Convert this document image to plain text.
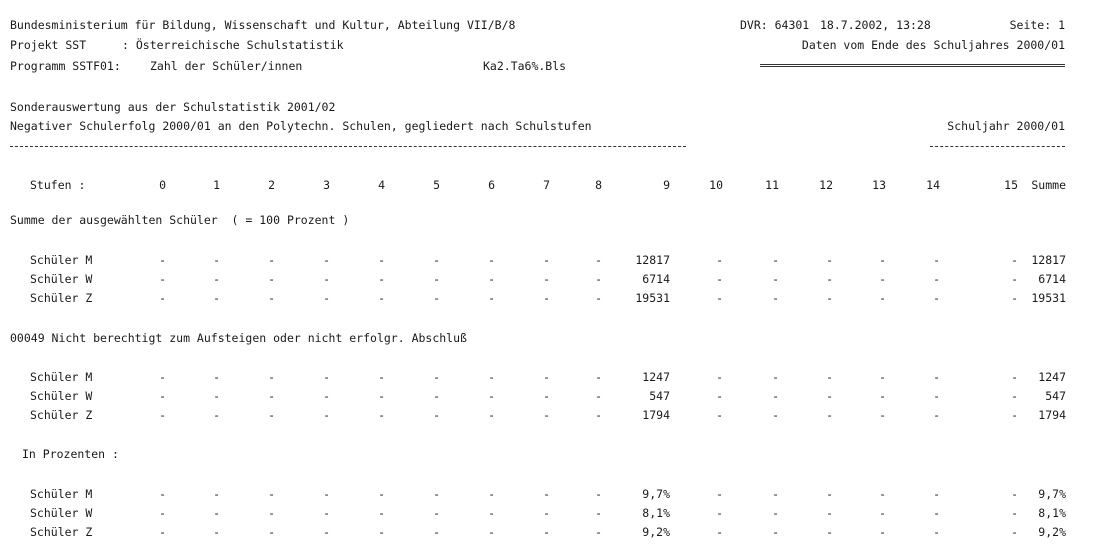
Bundesministerium für Bildung, Wissenschaft und Kultur, Abteilung VII/B/8	DVR: 64301 18.7.2002, 13:28	Seite: 1
Projekt SST	: Österreichische Schulstatistik	Daten vom Ende des Schuljahres 2000/01
Programm SSTF01:	Zahl der Schüler/innen	Ka2.Ta6%.Bls
Sonderauswertung aus der Schulstatistik 2001/02
Negativer Schulerfolg 2000/01 an den Polytechn. Schulen, gegliedert nach Schulstufen	Schuljahr 2000/01
Stufen :	0	1	2	3	4	5	6	7	8	9	10	11	12	13	14	15	Summe
Summe der ausgewählten Schüler  ( = 100 Prozent )
Schüler M	-	-	-	-	-	-	-	-	-	12817	-	-	-	-	-	-	12817
Schüler W	-	-	-	-	-	-	-	-	-	6714	-	-	-	-	-	-	6714
Schüler Z	-	-	-	-	-	-	-	-	-	19531	-	-	-	-	-	-	19531
00049 Nicht berechtigt zum Aufsteigen oder nicht erfolgr. Abschluß
Schüler M	-	-	-	-	-	-	-	-	-	1247	-	-	-	-	-	-	1247
Schüler W	-	-	-	-	-	-	-	-	-	547	-	-	-	-	-	-	547
Schüler Z	-	-	-	-	-	-	-	-	-	1794	-	-	-	-	-	-	1794
In Prozenten :
Schüler M	-	-	-	-	-	-	-	-	-	9,7%	-	-	-	-	-	-	9,7%
Schüler W	-	-	-	-	-	-	-	-	-	8,1%	-	-	-	-	-	-	8,1%
Schüler Z	-	-	-	-	-	-	-	-	-	9,2%	-	-	-	-	-	-	9,2%
